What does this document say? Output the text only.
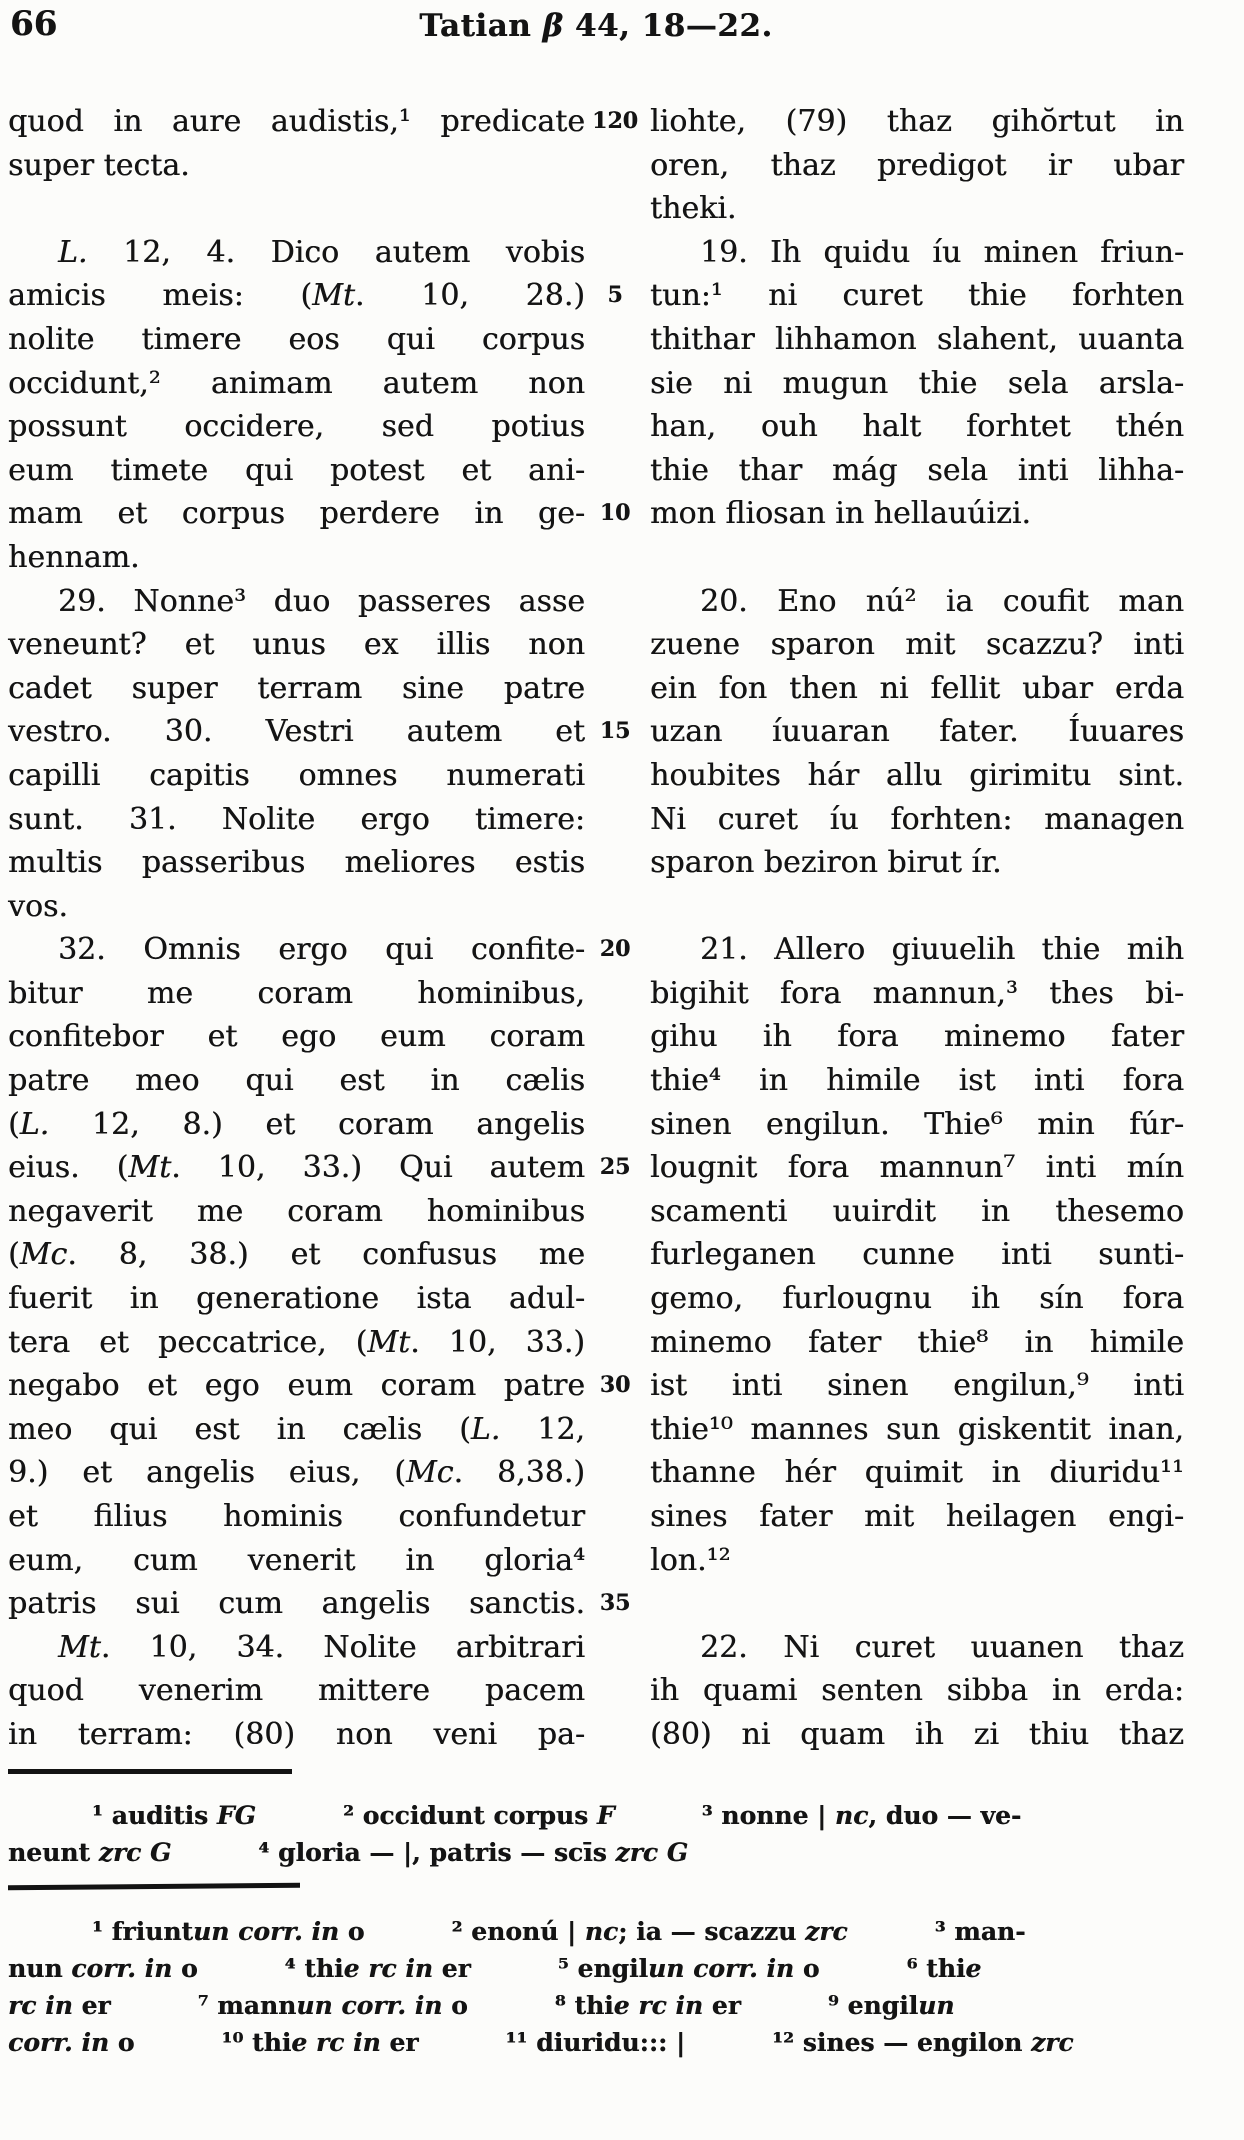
66	Tatian β 44, 18—22.
quod in aure audistis,¹ predicate
super tecta.
L. 12, 4. Dico autem vobis
amicis meis: (Mt. 10, 28.)
nolite timere eos qui corpus
occidunt,² animam autem non
possunt occidere, sed potius
eum timete qui potest et ani-
mam et corpus perdere in ge-
hennam.
29. Nonne³ duo passeres asse
veneunt? et unus ex illis non
cadet super terram sine patre
vestro. 30. Vestri autem et
capilli capitis omnes numerati
sunt. 31. Nolite ergo timere:
multis passeribus meliores estis
vos.
32. Omnis ergo qui confite-
bitur me coram hominibus,
confitebor et ego eum coram
patre meo qui est in cælis
(L. 12, 8.) et coram angelis
eius. (Mt. 10, 33.) Qui autem
negaverit me coram hominibus
(Mc. 8, 38.) et confusus me
fuerit in generatione ista adul-
tera et peccatrice, (Mt. 10, 33.)
negabo et ego eum coram patre
meo qui est in cælis (L. 12,
9.) et angelis eius, (Mc. 8,38.)
et filius hominis confundetur
eum, cum venerit in gloria⁴
patris sui cum angelis sanctis.
Mt. 10, 34. Nolite arbitrari
quod venerim mittere pacem
in terram: (80) non veni pa-
120
5
10
15
20
25
30
35
liohte, (79) thaz gihŏrtut in
oren, thaz predigot ir ubar
theki.
19. Ih quidu íu minen friun-
tun:¹ ni curet thie forhten
thithar lihhamon slahent, uuanta
sie ni mugun thie sela arsla-
han, ouh halt forhtet thén
thie thar mág sela inti lihha-
mon fliosan in hellauúizi.
20. Eno nú² ia coufit man
zuene sparon mit scazzu? inti
ein fon then ni fellit ubar erda
uzan íuuaran fater. Íuuares
houbites hár allu girimitu sint.
Ni curet íu forhten: managen
sparon beziron birut ír.
21. Allero giuuelih thie mih
bigihit fora mannun,³ thes bi-
gihu ih fora minemo fater
thie⁴ in himile ist inti fora
sinen engilun. Thie⁶ min fúr-
lougnit fora mannun⁷ inti mín
scamenti uuirdit in thesemo
furleganen cunne inti sunti-
gemo, furlougnu ih sín fora
minemo fater thie⁸ in himile
ist inti sinen engilun,⁹ inti
thie¹⁰ mannes sun giskentit inan,
thanne hér quimit in diuridu¹¹
sines fater mit heilagen engi-
lon.¹²
22. Ni curet uuanen thaz
ih quami senten sibba in erda:
(80) ni quam ih zi thiu thaz
¹ auditis FG          ² occidunt corpus F          ³ nonne | nc, duo — ve-
neunt zrc G          ⁴ gloria — |, patris — scīs zrc G
¹ friuntun corr. in o          ² enonú | nc; ia — scazzu zrc          ³ man-
nun corr. in o          ⁴ thie rc in er          ⁵ engilun corr. in o          ⁶ thie
rc in er          ⁷ mannun corr. in o          ⁸ thie rc in er          ⁹ engilun
corr. in o          ¹⁰ thie rc in er          ¹¹ diuridu::: |          ¹² sines — engilon zrc
